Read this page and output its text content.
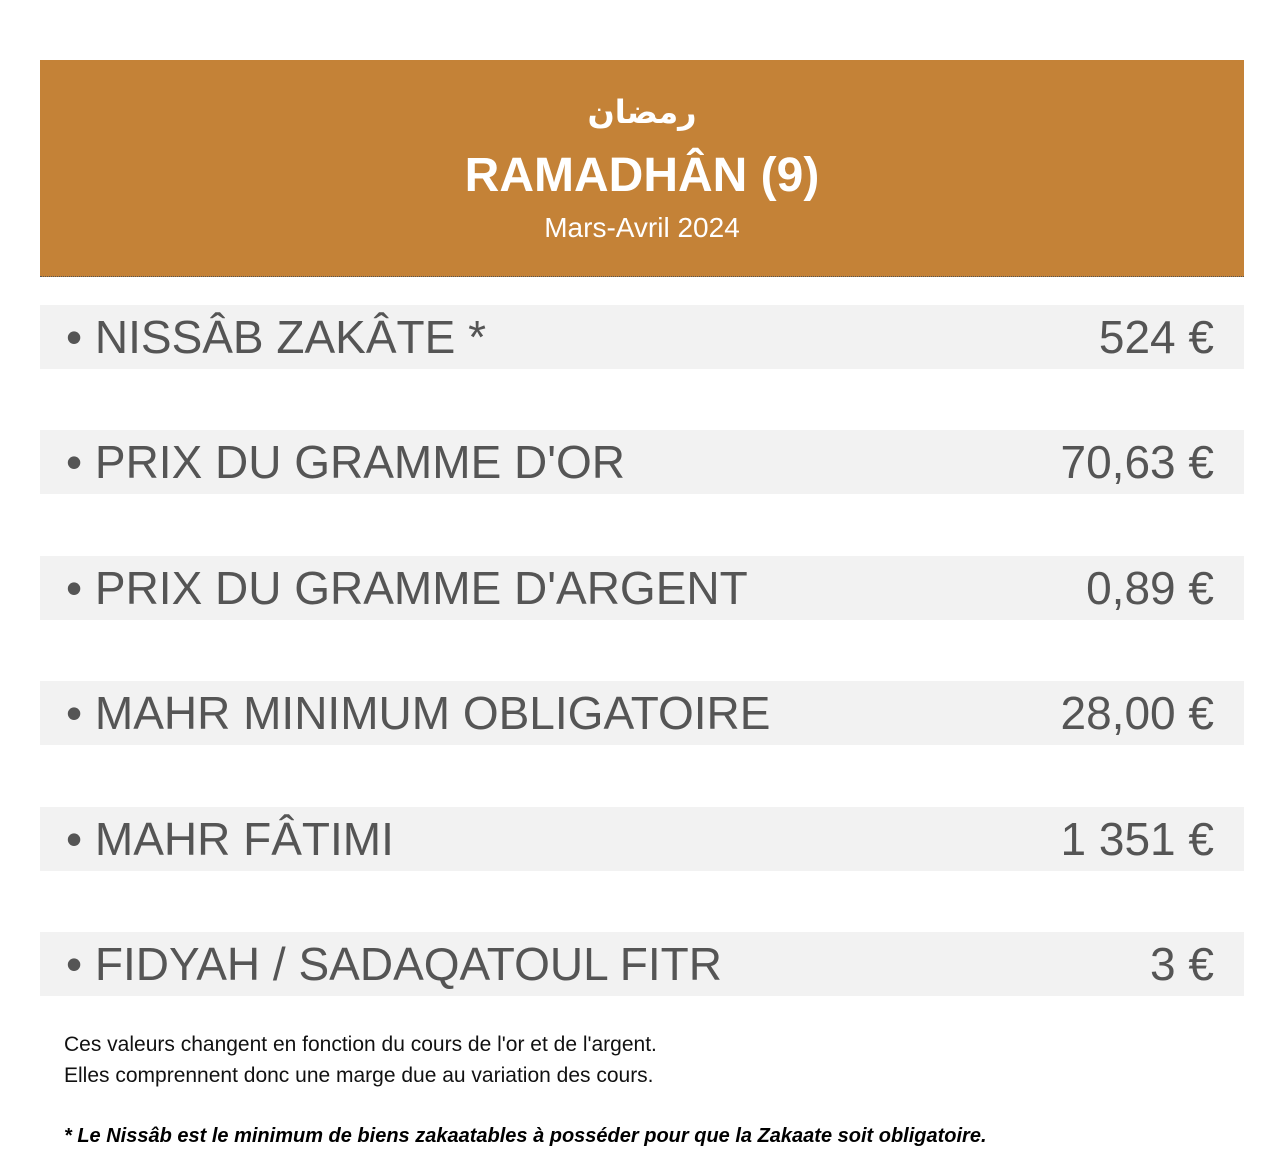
رمضان
RAMADHÂN (9)
Mars-Avril 2024
• NISSÂB ZAKÂTE *	524 €
• PRIX DU GRAMME D'OR	70,63 €
• PRIX DU GRAMME D'ARGENT	0,89 €
• MAHR MINIMUM OBLIGATOIRE	28,00 €
• MAHR FÂTIMI	1 351 €
• FIDYAH / SADAQATOUL FITR	3 €
Ces valeurs changent en fonction du cours de l'or et de l'argent.
Elles comprennent donc une marge due au variation des cours.
* Le Nissâb est le minimum de biens zakaatables à posséder pour que la Zakaate soit obligatoire.
